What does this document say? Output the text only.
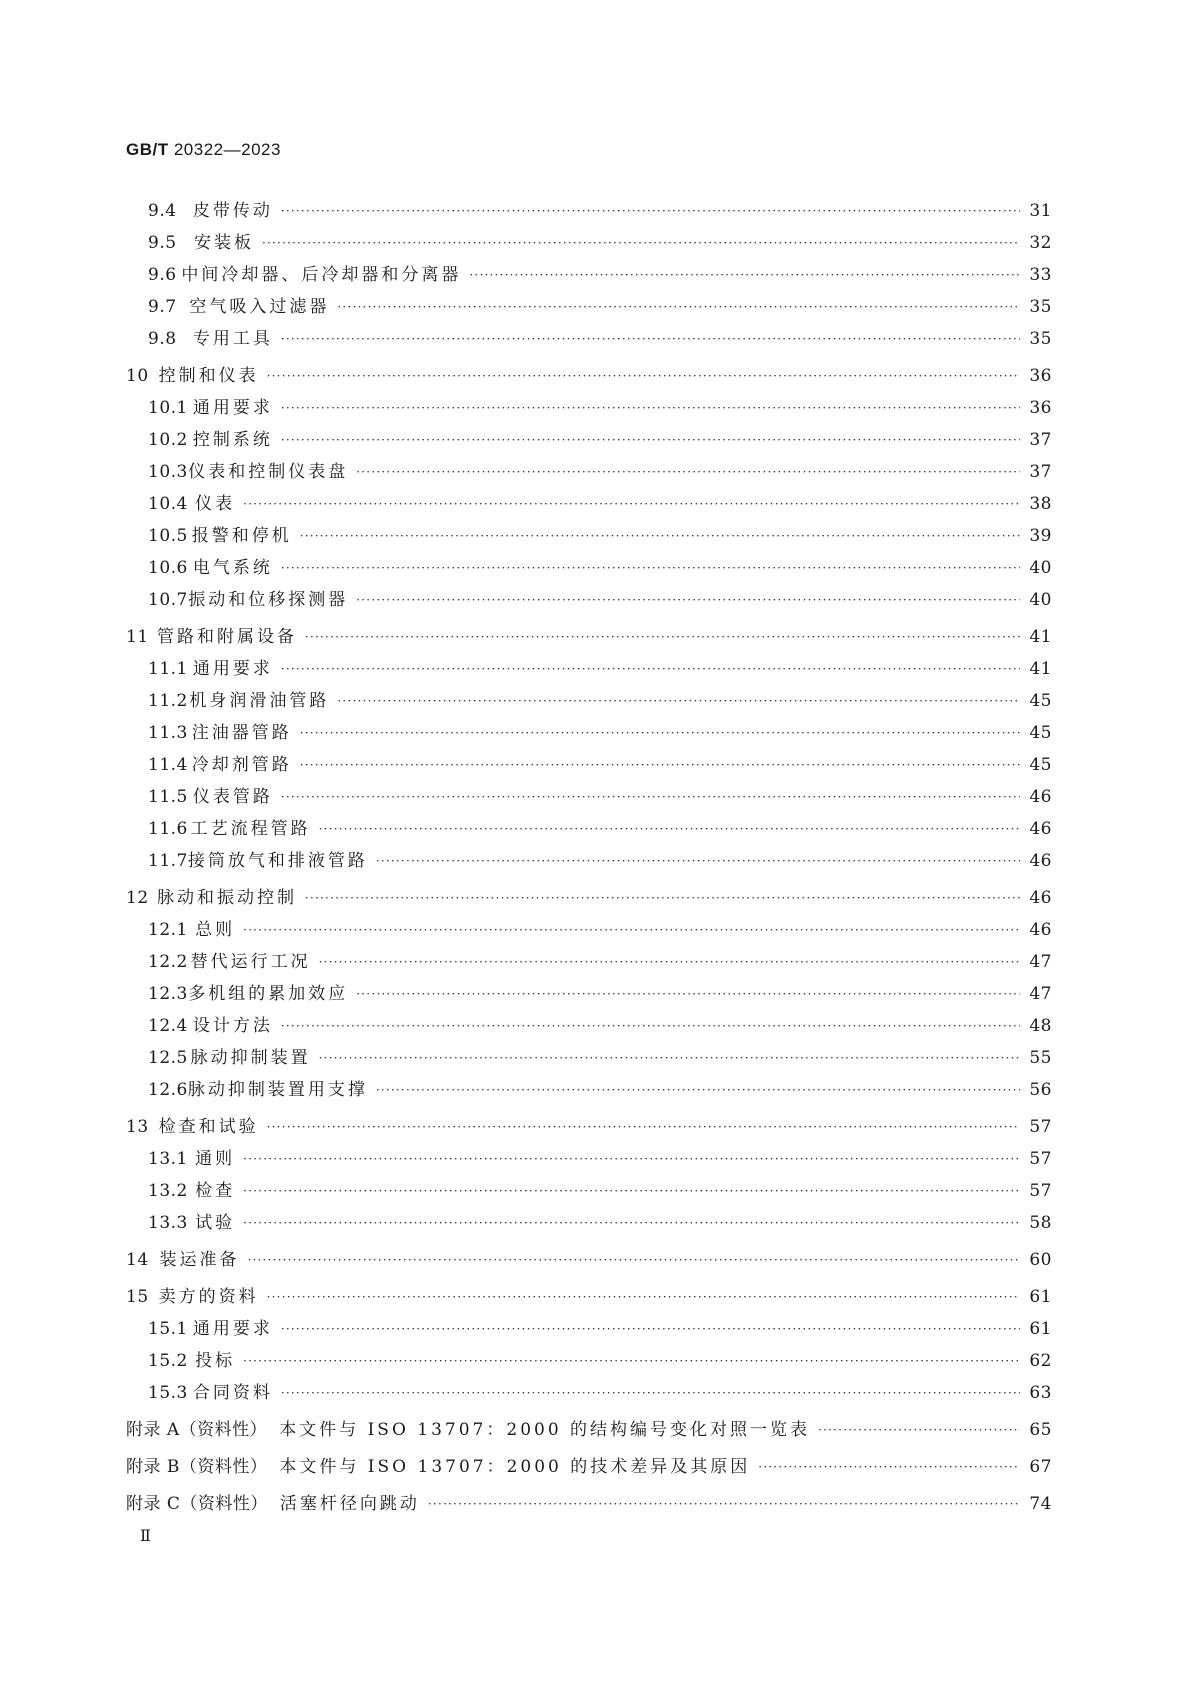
GB/T 20322—2023
9.4 皮带传动 ·····	31
9.5	安装板 ·····	32
9.6 中间冷却器、后冷却器和分离器 ·····	33
9.7 空气吸入过滤器 ·····	35
9.8 专用工具 ·····	35
10 控制和仪表 ·····	36
10.1 通用要求 ·····	36
10.2 控制系统 ·····	37
10.3 仪表和控制仪表盘 ·····	37
10.4 仪表 ·····	38
10.5 报警和停机 ·····	39
10.6 电气系统 ·····	40
10.7 振动和位移探测器 ·····	40
11 管路和附属设备 ·····	41
11.1 通用要求 ·····	41
11.2 机身润滑油管路 ·····	45
11.3 注油器管路 ·····	45
11.4 冷却剂管路 ·····	45
11.5 仪表管路 ·····	46
11.6 工艺流程管路 ·····	46
11.7 接筒放气和排液管路 ·····	46
12 脉动和振动控制 ·····	46
12.1 总则 ·····	46
12.2 替代运行工况 ·····	47
12.3 多机组的累加效应 ·····	47
12.4 设计方法 ·····	48
12.5 脉动抑制装置 ·····	55
12.6 脉动抑制装置用支撑 ·····	56
13 检查和试验 ·····	57
13.1 通则 ·····	57
13.2 检查 ·····	57
13.3 试验 ·····	58
14 装运准备 ·····	60
15 卖方的资料 ·····	61
15.1 通用要求 ·····	61
15.2 投标 ·····	62
15.3 合同资料 ·····	63
附录 A（资料性） 本文件与 ISO 13707：2000 的结构编号变化对照一览表 ·····	65
附录 B（资料性） 本文件与 ISO 13707：2000 的技术差异及其原因 ·····	67
附录 C（资料性） 活塞杆径向跳动 ·····	74
Ⅱ
